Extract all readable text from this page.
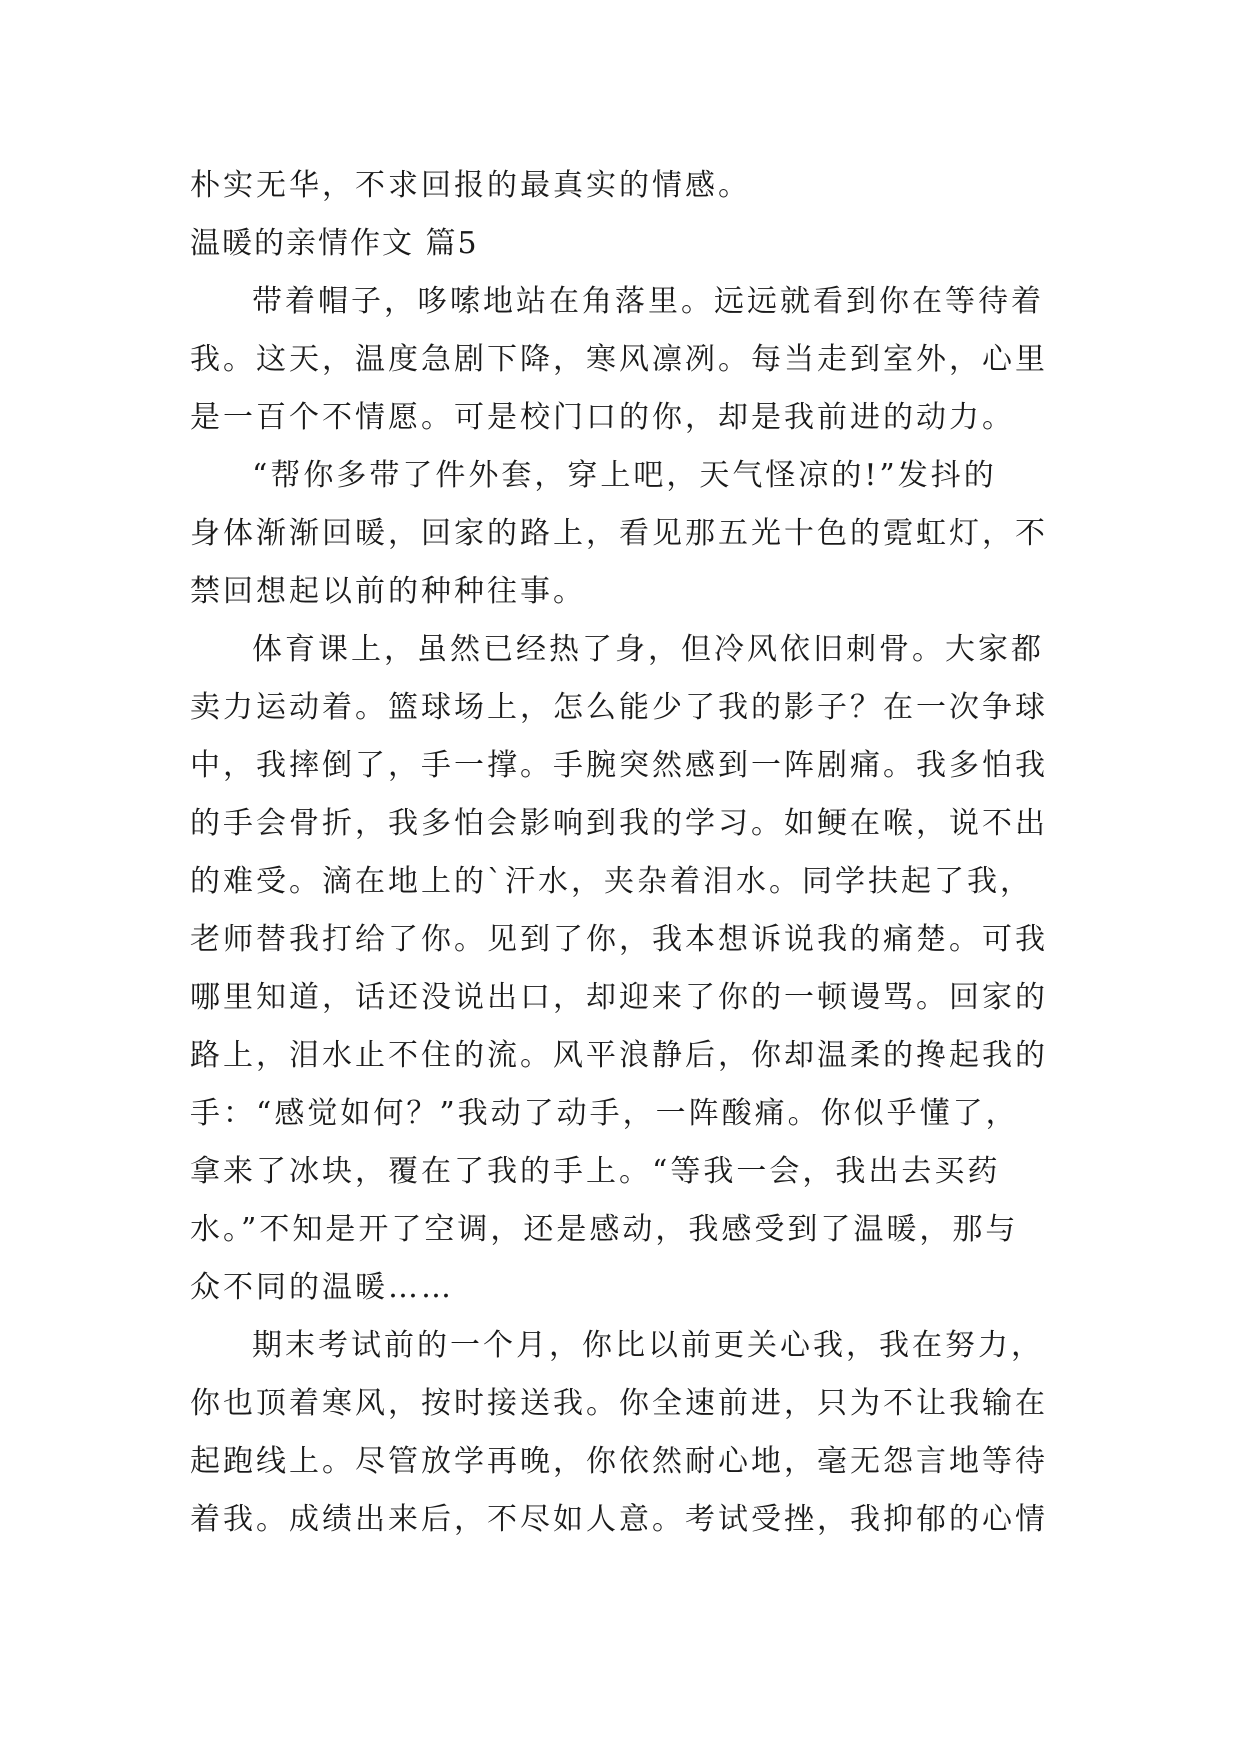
朴实无华，不求回报的最真实的情感。
温暖的亲情作文 篇5
带着帽子，哆嗦地站在角落里。远远就看到你在等待着
我。这天，温度急剧下降，寒风凛冽。每当走到室外，心里
是一百个不情愿。可是校门口的你，却是我前进的动力。
“帮你多带了件外套，穿上吧，天气怪凉的!”发抖的
身体渐渐回暖，回家的路上，看见那五光十色的霓虹灯，不
禁回想起以前的种种往事。
体育课上，虽然已经热了身，但冷风依旧刺骨。大家都
卖力运动着。篮球场上，怎么能少了我的影子？在一次争球
中，我摔倒了，手一撑。手腕突然感到一阵剧痛。我多怕我
的手会骨折，我多怕会影响到我的学习。如鲠在喉，说不出
的难受。滴在地上的`汗水，夹杂着泪水。同学扶起了我，
老师替我打给了你。见到了你，我本想诉说我的痛楚。可我
哪里知道，话还没说出口，却迎来了你的一顿谩骂。回家的
路上，泪水止不住的流。风平浪静后，你却温柔的搀起我的
手：“感觉如何？”我动了动手，一阵酸痛。你似乎懂了，
拿来了冰块，覆在了我的手上。“等我一会，我出去买药
水。”不知是开了空调，还是感动，我感受到了温暖，那与
众不同的温暖……
期末考试前的一个月，你比以前更关心我，我在努力，
你也顶着寒风，按时接送我。你全速前进，只为不让我输在
起跑线上。尽管放学再晚，你依然耐心地，毫无怨言地等待
着我。成绩出来后，不尽如人意。考试受挫，我抑郁的心情
